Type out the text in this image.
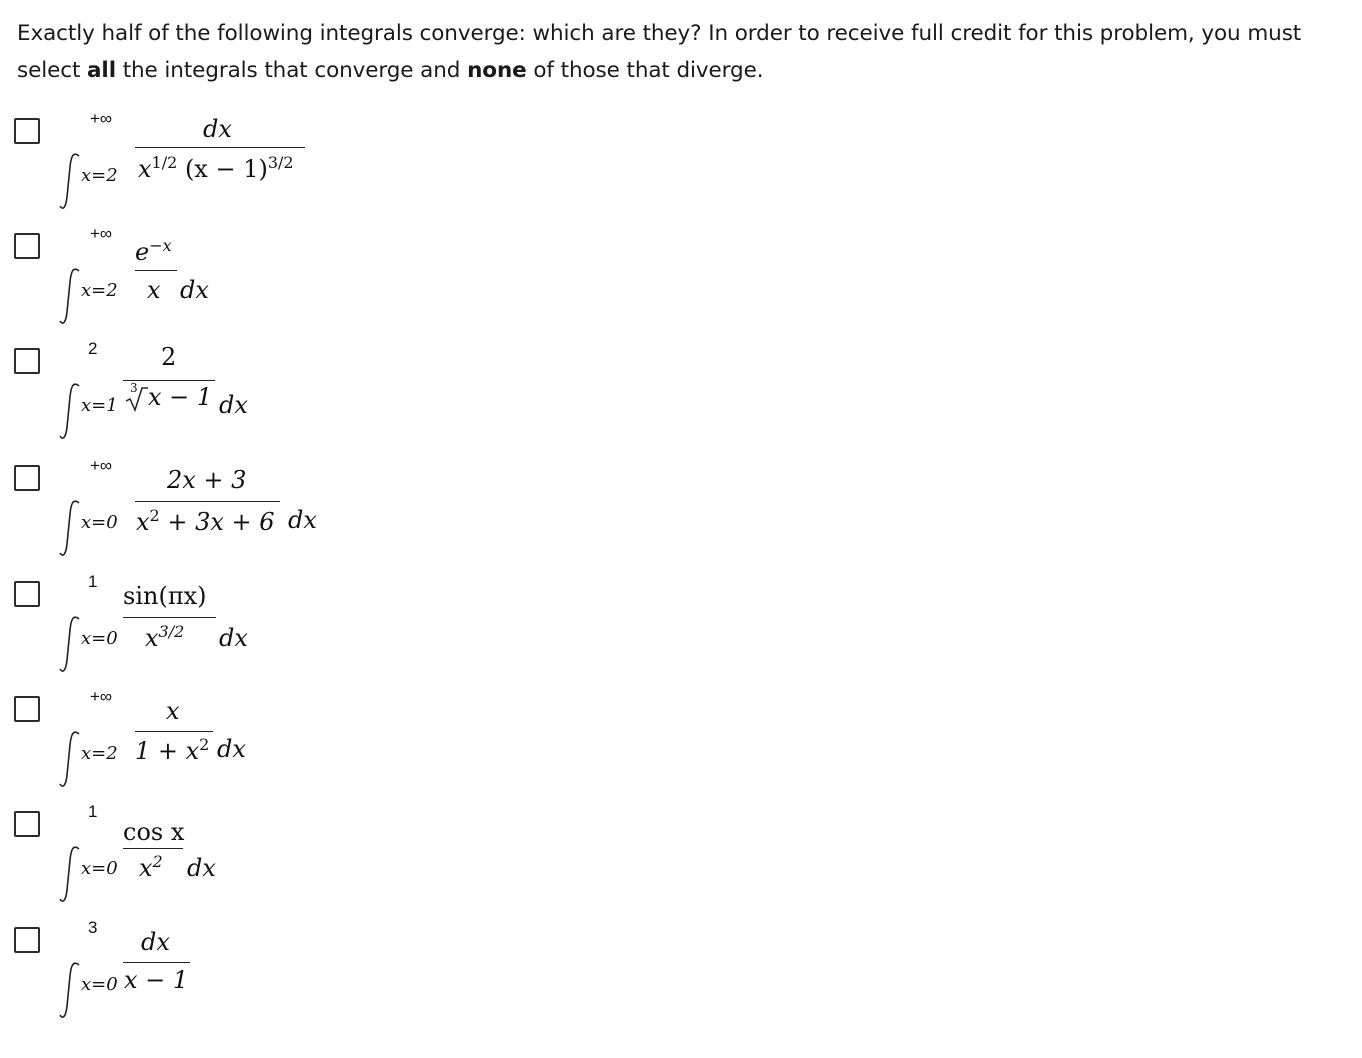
Exactly half of the following integrals converge: which are they? In order to receive full credit for this problem, you must select all the integrals that converge and none of those that diverge.
+∞
x=2
dx
$x^{1/2}$ $(x - 1)^{3/2}$
+∞
x=2
$e^{-x}$
x dx
2
x=1
2
3 x − 1 dx
+∞
x=0
2x + 3
$x^2 + 3x + 6$ dx
1
x=0
sin(πx)
$x^{3/2}$ dx
+∞
x=2
x
$1 + x^2$ dx
1
x=0
cos x
$x^2$ dx
3
x=0
dx
x − 1
